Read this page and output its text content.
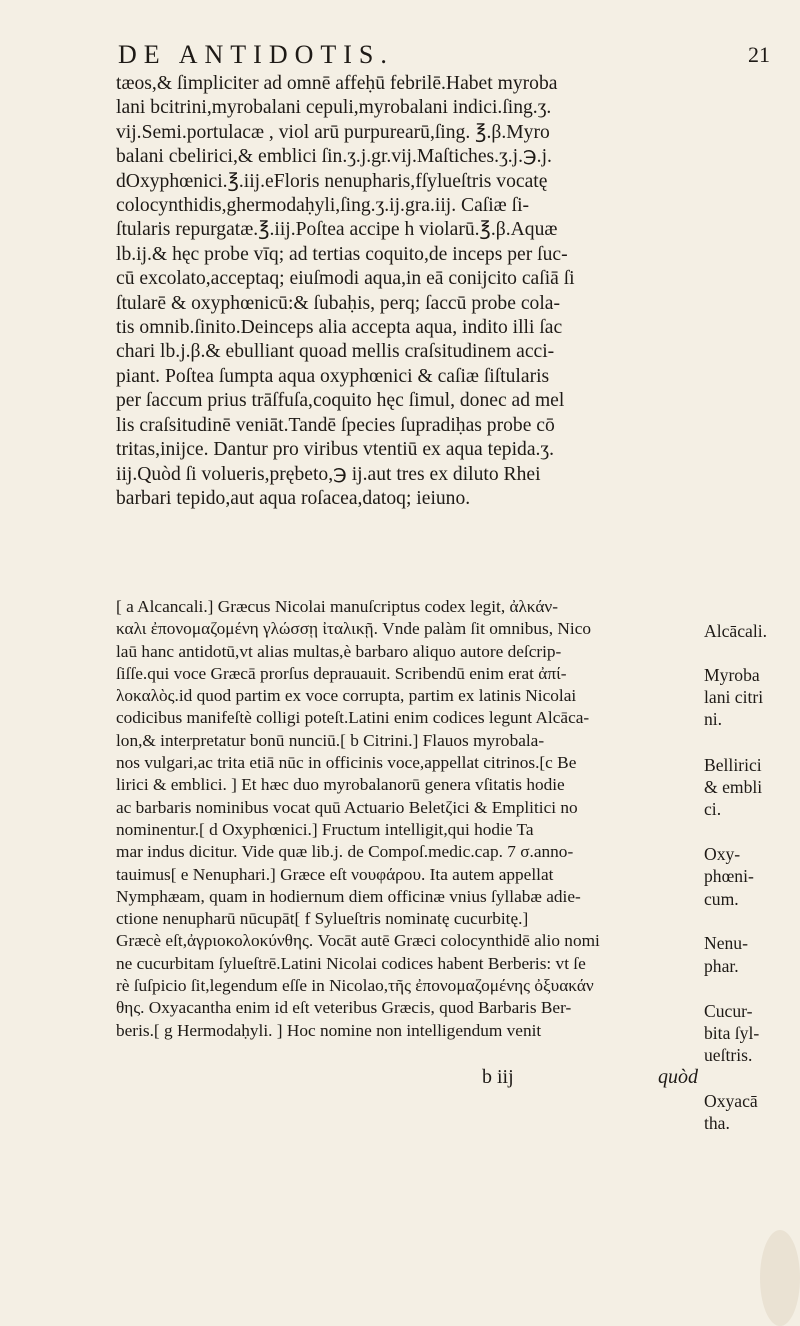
DE ANTIDOTIS.	21
tæos,& ſimpliciter ad omnē affeḥū febrilē.Habet myroba
lani bcitrini,myrobalani cepuli,myrobalani indici.ſing.ʒ.
vij.Semi.portulacæ , viol arū purpurearū,ſing. ℥.β.Myro
balani cbelirici,& emblici ſin.ʒ.j.gr.vij.Maſtiches.ʒ.j.℈.j.
dOxyphœnici.℥.iij.eFloris nenupharis,fſylueſtris vocatę
colocynthidis,ghermodaḥyli,ſing.ʒ.ij.gra.iij. Caſiæ ſi-
ſtularis repurgatæ.℥.iij.Poſtea accipe h violarū.℥.β.Aquæ
lb.ij.& hęc probe vīq; ad tertias coquito,de inceps per ſuc-
cū excolato,acceptaq; eiuſmodi aqua,in eā conijcito caſiā ſi
ſtularē & oxyphœnicū:& ſubaḥis, perq; ſaccū probe cola-
tis omnib.ſinito.Deinceps alia accepta aqua, indito illi ſac
chari lb.j.β.& ebulliant quoad mellis craſsitudinem acci-
piant. Poſtea ſumpta aqua oxyphœnici & caſiæ ſiſtularis
per ſaccum prius trāſfuſa,coquito hęc ſimul, donec ad mel
lis craſsitudinē veniāt.Tandē ſpecies ſupradiḥas probe cō
tritas,inijce. Dantur pro viribus vtentiū ex aqua tepida.ʒ.
iij.Quòd ſi volueris,prębeto,℈ ij.aut tres ex diluto Rhei
barbari tepido,aut aqua roſacea,datoq; ieiuno.
[ a Alcancali.] Græcus Nicolai manuſcriptus codex legit, ἀλκάν-
καλι ἐπονομαζομένη γλώσσῃ ἰταλικῇ. Vnde palàm ſit omnibus, Nico
laū hanc antidotū,vt alias multas,è barbaro aliquo autore deſcrip-
ſiſſe.qui voce Græcā prorſus deprauauit. Scribendū enim erat ἀπί-
λοκαλὸς.id quod partim ex voce corrupta, partim ex latinis Nicolai
codicibus manifeſtè colligi poteſt.Latini enim codices legunt Alcāca-
lon,& interpretatur bonū nunciū.[ b Citrini.] Flauos myrobala-
nos vulgari,ac trita etiā nūc in officinis voce,appellat citrinos.[c Be
lirici & emblici. ] Et hæc duo myrobalanorū genera vſitatis hodie
ac barbaris nominibus vocat quū Actuario Beletζici & Emplitici no
nominentur.[ d Oxyphœnici.] Fructum intelligit,qui hodie Ta
mar indus dicitur. Vide quæ lib.j. de Compoſ.medic.cap. 7 σ.anno-
tauimus[ e Nenuphari.] Græce eſt νουφάρου. Ita autem appellat
Nymphæam, quam in hodiernum diem officinæ vnius ſyllabæ adie-
ctione nenupharū nūcupāt[ f Sylueſtris nominatę cucurbitę.]
Græcè eſt,ἀγριοκολοκύνθης. Vocāt autē Græci colocynthidē alio nomi
ne cucurbitam ſylueſtrē.Latini Nicolai codices habent Berberis: vt ſe
rè ſuſpicio ſit,legendum eſſe in Nicolao,τῆς ἐπονομαζομένης ὀξυακάν
θης. Oxyacantha enim id eſt veteribus Græcis, quod Barbaris Ber-
beris.[ g Hermodaḥyli. ] Hoc nomine non intelligendum venit
Alcācali.
Myroba
lani citri
ni.
Bellirici
& embli
ci.
Oxy-
phœni-
cum.
Nenu-
phar.
Cucur-
bita ſyl-
ueſtris.
Oxyacā
tha.
b iij	quòd
